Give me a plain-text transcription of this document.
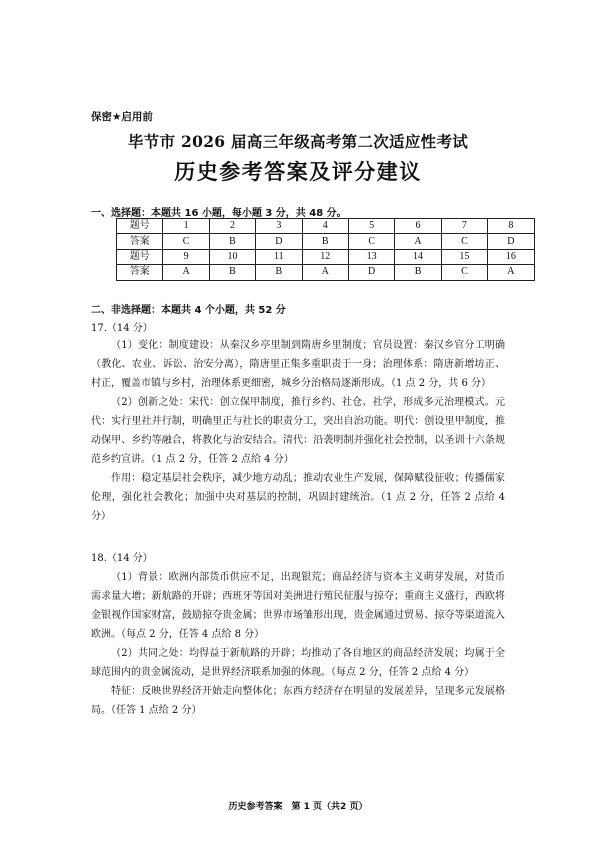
保密★启用前
毕节市 2026 届高三年级高考第二次适应性考试
历史参考答案及评分建议
一、选择题：本题共 16 小题，每小题 3 分，共 48 分。
题号	1	2	3	4	5	6	7	8
答案	C	B	D	B	C	A	C	D
题号	9	10	11	12	13	14	15	16
答案	A	B	B	A	D	B	C	A
二、非选择题：本题共 4 个小题，共 52 分
17.（14 分）

（1）变化：制度建设：从秦汉乡亭里制到隋唐乡里制度；官员设置：秦汉乡官分工明确（教化、农业、诉讼、治安分离），隋唐里正集多重职责于一身；治理体系：隋唐新增坊正、村正，覆盖市镇与乡村，治理体系更细密，城乡分治格局逐渐形成。（1 点 2 分，共 6 分）

（2）创新之处：宋代：创立保甲制度，推行乡约、社仓、社学，形成多元治理模式。元代：实行里社并行制，明确里正与社长的职责分工，突出自治功能。明代：创设里甲制度，推动保甲、乡约等融合，将教化与治安结合。清代：沿袭明制并强化社会控制，以圣训十六条规范乡约宣讲。（1 点 2 分，任答 2 点给 4 分）

作用：稳定基层社会秩序，减少地方动乱；推动农业生产发展，保障赋役征收；传播儒家伦理，强化社会教化；加强中央对基层的控制，巩固封建统治。（1 点 2 分，任答 2 点给 4 分）

18.（14 分）

（1）背景：欧洲内部货币供应不足，出现银荒；商品经济与资本主义萌芽发展，对货币需求量大增；新航路的开辟；西班牙等国对美洲进行殖民征服与掠夺；重商主义盛行，西欧将金银视作国家财富，鼓励掠夺贵金属；世界市场雏形出现，贵金属通过贸易、掠夺等渠道流入欧洲。（每点 2 分，任答 4 点给 8 分）

（2）共同之处：均得益于新航路的开辟；均推动了各自地区的商品经济发展；均属于全球范围内的贵金属流动，是世界经济联系加强的体现。（每点 2 分，任答 2 点给 4 分）

特征：反映世界经济开始走向整体化；东西方经济存在明显的发展差异，呈现多元发展格局。（任答 1 点给 2 分）

历史参考答案　第 1 页（共2 页）
